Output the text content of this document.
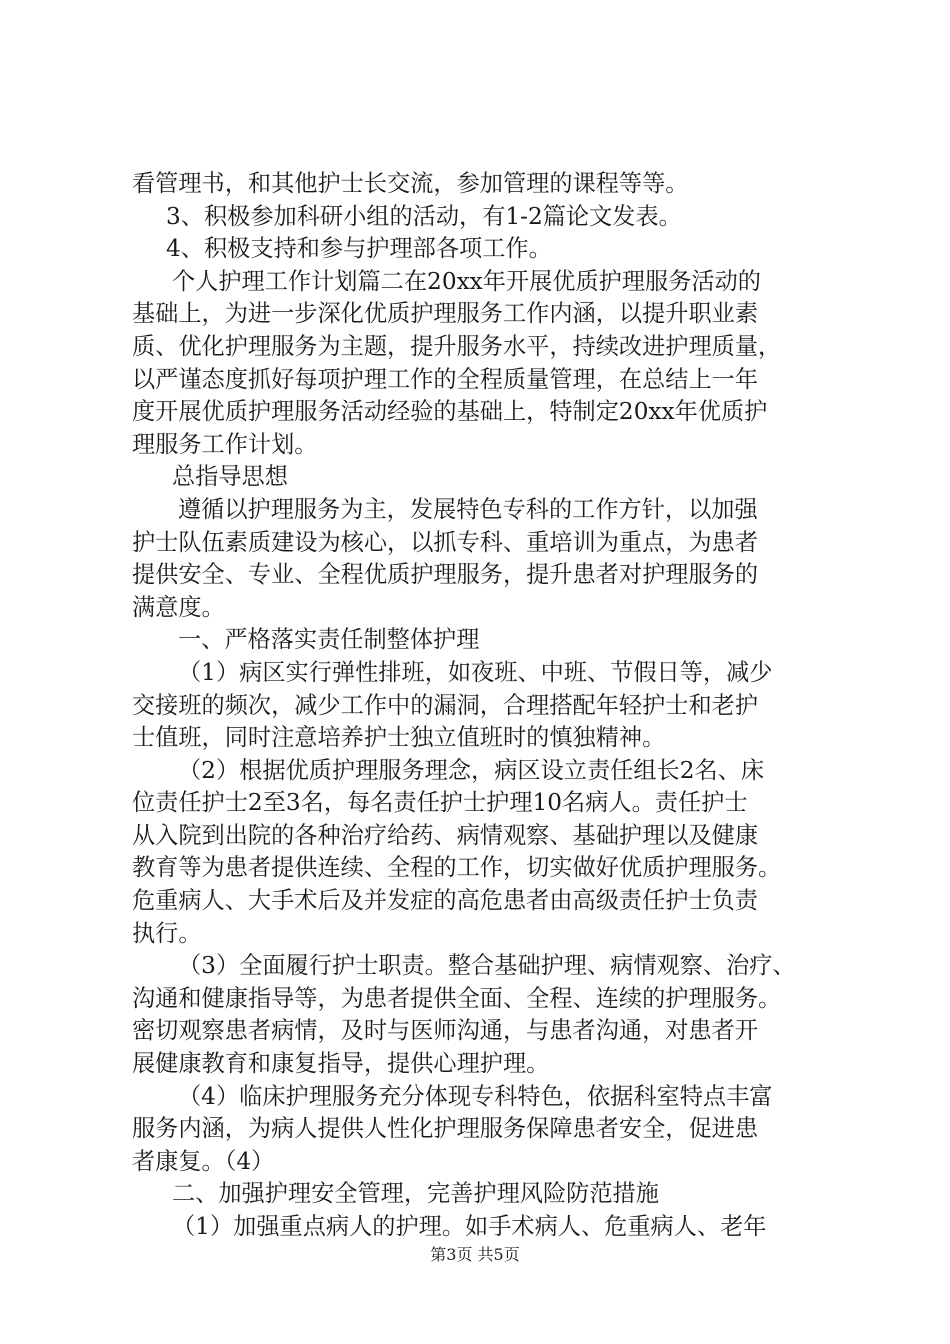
看管理书，和其他护士长交流，参加管理的课程等等。
3、积极参加科研小组的活动，有1-2篇论文发表。
4、积极支持和参与护理部各项工作。
个人护理工作计划篇二在20xx年开展优质护理服务活动的
基础上，为进一步深化优质护理服务工作内涵，以提升职业素
质、优化护理服务为主题，提升服务水平，持续改进护理质量，
以严谨态度抓好每项护理工作的全程质量管理，在总结上一年
度开展优质护理服务活动经验的基础上，特制定20xx年优质护
理服务工作计划。
总指导思想
遵循以护理服务为主，发展特色专科的工作方针，以加强
护士队伍素质建设为核心，以抓专科、重培训为重点，为患者
提供安全、专业、全程优质护理服务，提升患者对护理服务的
满意度。
一、严格落实责任制整体护理
（1）病区实行弹性排班，如夜班、中班、节假日等，减少
交接班的频次，减少工作中的漏洞，合理搭配年轻护士和老护
士值班，同时注意培养护士独立值班时的慎独精神。
（2）根据优质护理服务理念，病区设立责任组长2名、床
位责任护士2至3名，每名责任护士护理10名病人。责任护士
从入院到出院的各种治疗给药、病情观察、基础护理以及健康
教育等为患者提供连续、全程的工作，切实做好优质护理服务。
危重病人、大手术后及并发症的高危患者由高级责任护士负责
执行。
（3）全面履行护士职责。整合基础护理、病情观察、治疗、
沟通和健康指导等，为患者提供全面、全程、连续的护理服务。
密切观察患者病情，及时与医师沟通，与患者沟通，对患者开
展健康教育和康复指导，提供心理护理。
（4）临床护理服务充分体现专科特色，依据科室特点丰富
服务内涵，为病人提供人性化护理服务保障患者安全，促进患
者康复。（4）
二、加强护理安全管理，完善护理风险防范措施
（1）加强重点病人的护理。如手术病人、危重病人、老年
第3页 共5页
